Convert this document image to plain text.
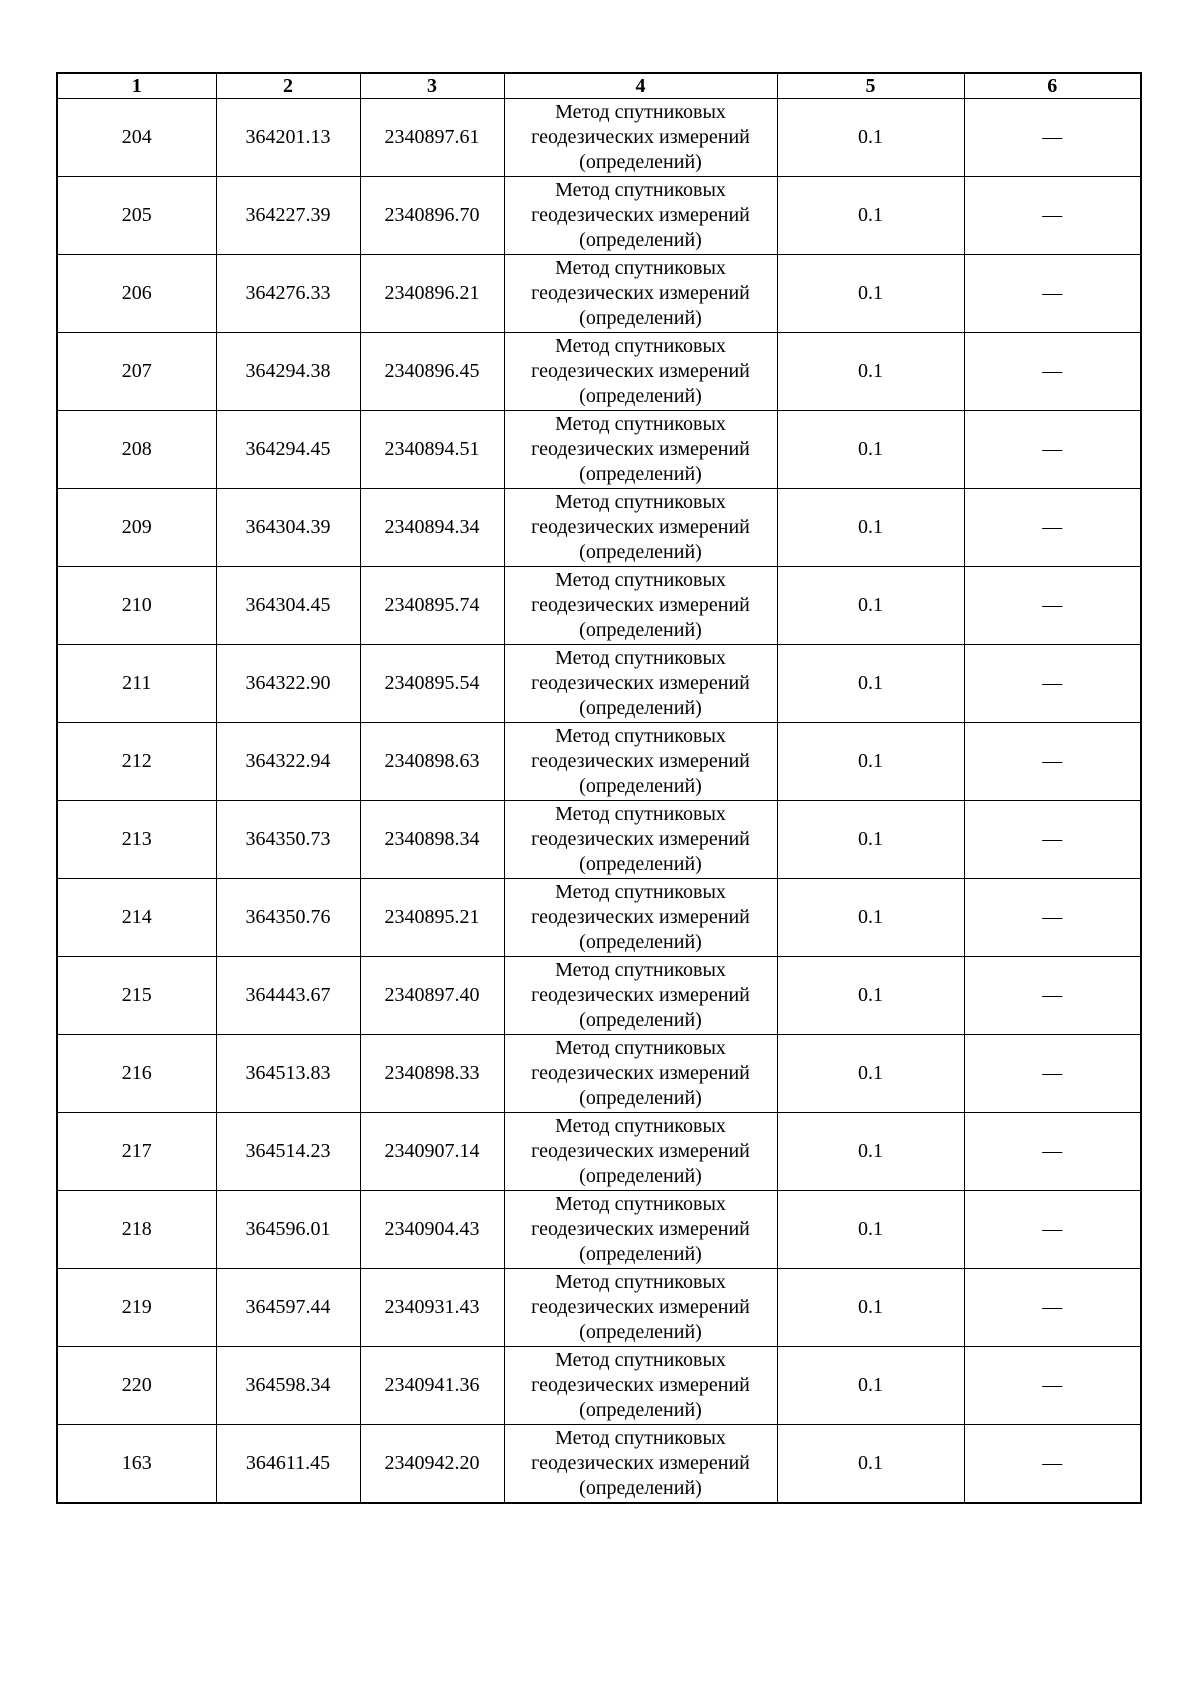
1	2	3	4	5	6
204	364201.13	2340897.61	Метод спутниковых
геодезических измерений
(определений)	0.1	—
205	364227.39	2340896.70	Метод спутниковых
геодезических измерений
(определений)	0.1	—
206	364276.33	2340896.21	Метод спутниковых
геодезических измерений
(определений)	0.1	—
207	364294.38	2340896.45	Метод спутниковых
геодезических измерений
(определений)	0.1	—
208	364294.45	2340894.51	Метод спутниковых
геодезических измерений
(определений)	0.1	—
209	364304.39	2340894.34	Метод спутниковых
геодезических измерений
(определений)	0.1	—
210	364304.45	2340895.74	Метод спутниковых
геодезических измерений
(определений)	0.1	—
211	364322.90	2340895.54	Метод спутниковых
геодезических измерений
(определений)	0.1	—
212	364322.94	2340898.63	Метод спутниковых
геодезических измерений
(определений)	0.1	—
213	364350.73	2340898.34	Метод спутниковых
геодезических измерений
(определений)	0.1	—
214	364350.76	2340895.21	Метод спутниковых
геодезических измерений
(определений)	0.1	—
215	364443.67	2340897.40	Метод спутниковых
геодезических измерений
(определений)	0.1	—
216	364513.83	2340898.33	Метод спутниковых
геодезических измерений
(определений)	0.1	—
217	364514.23	2340907.14	Метод спутниковых
геодезических измерений
(определений)	0.1	—
218	364596.01	2340904.43	Метод спутниковых
геодезических измерений
(определений)	0.1	—
219	364597.44	2340931.43	Метод спутниковых
геодезических измерений
(определений)	0.1	—
220	364598.34	2340941.36	Метод спутниковых
геодезических измерений
(определений)	0.1	—
163	364611.45	2340942.20	Метод спутниковых
геодезических измерений
(определений)	0.1	—
